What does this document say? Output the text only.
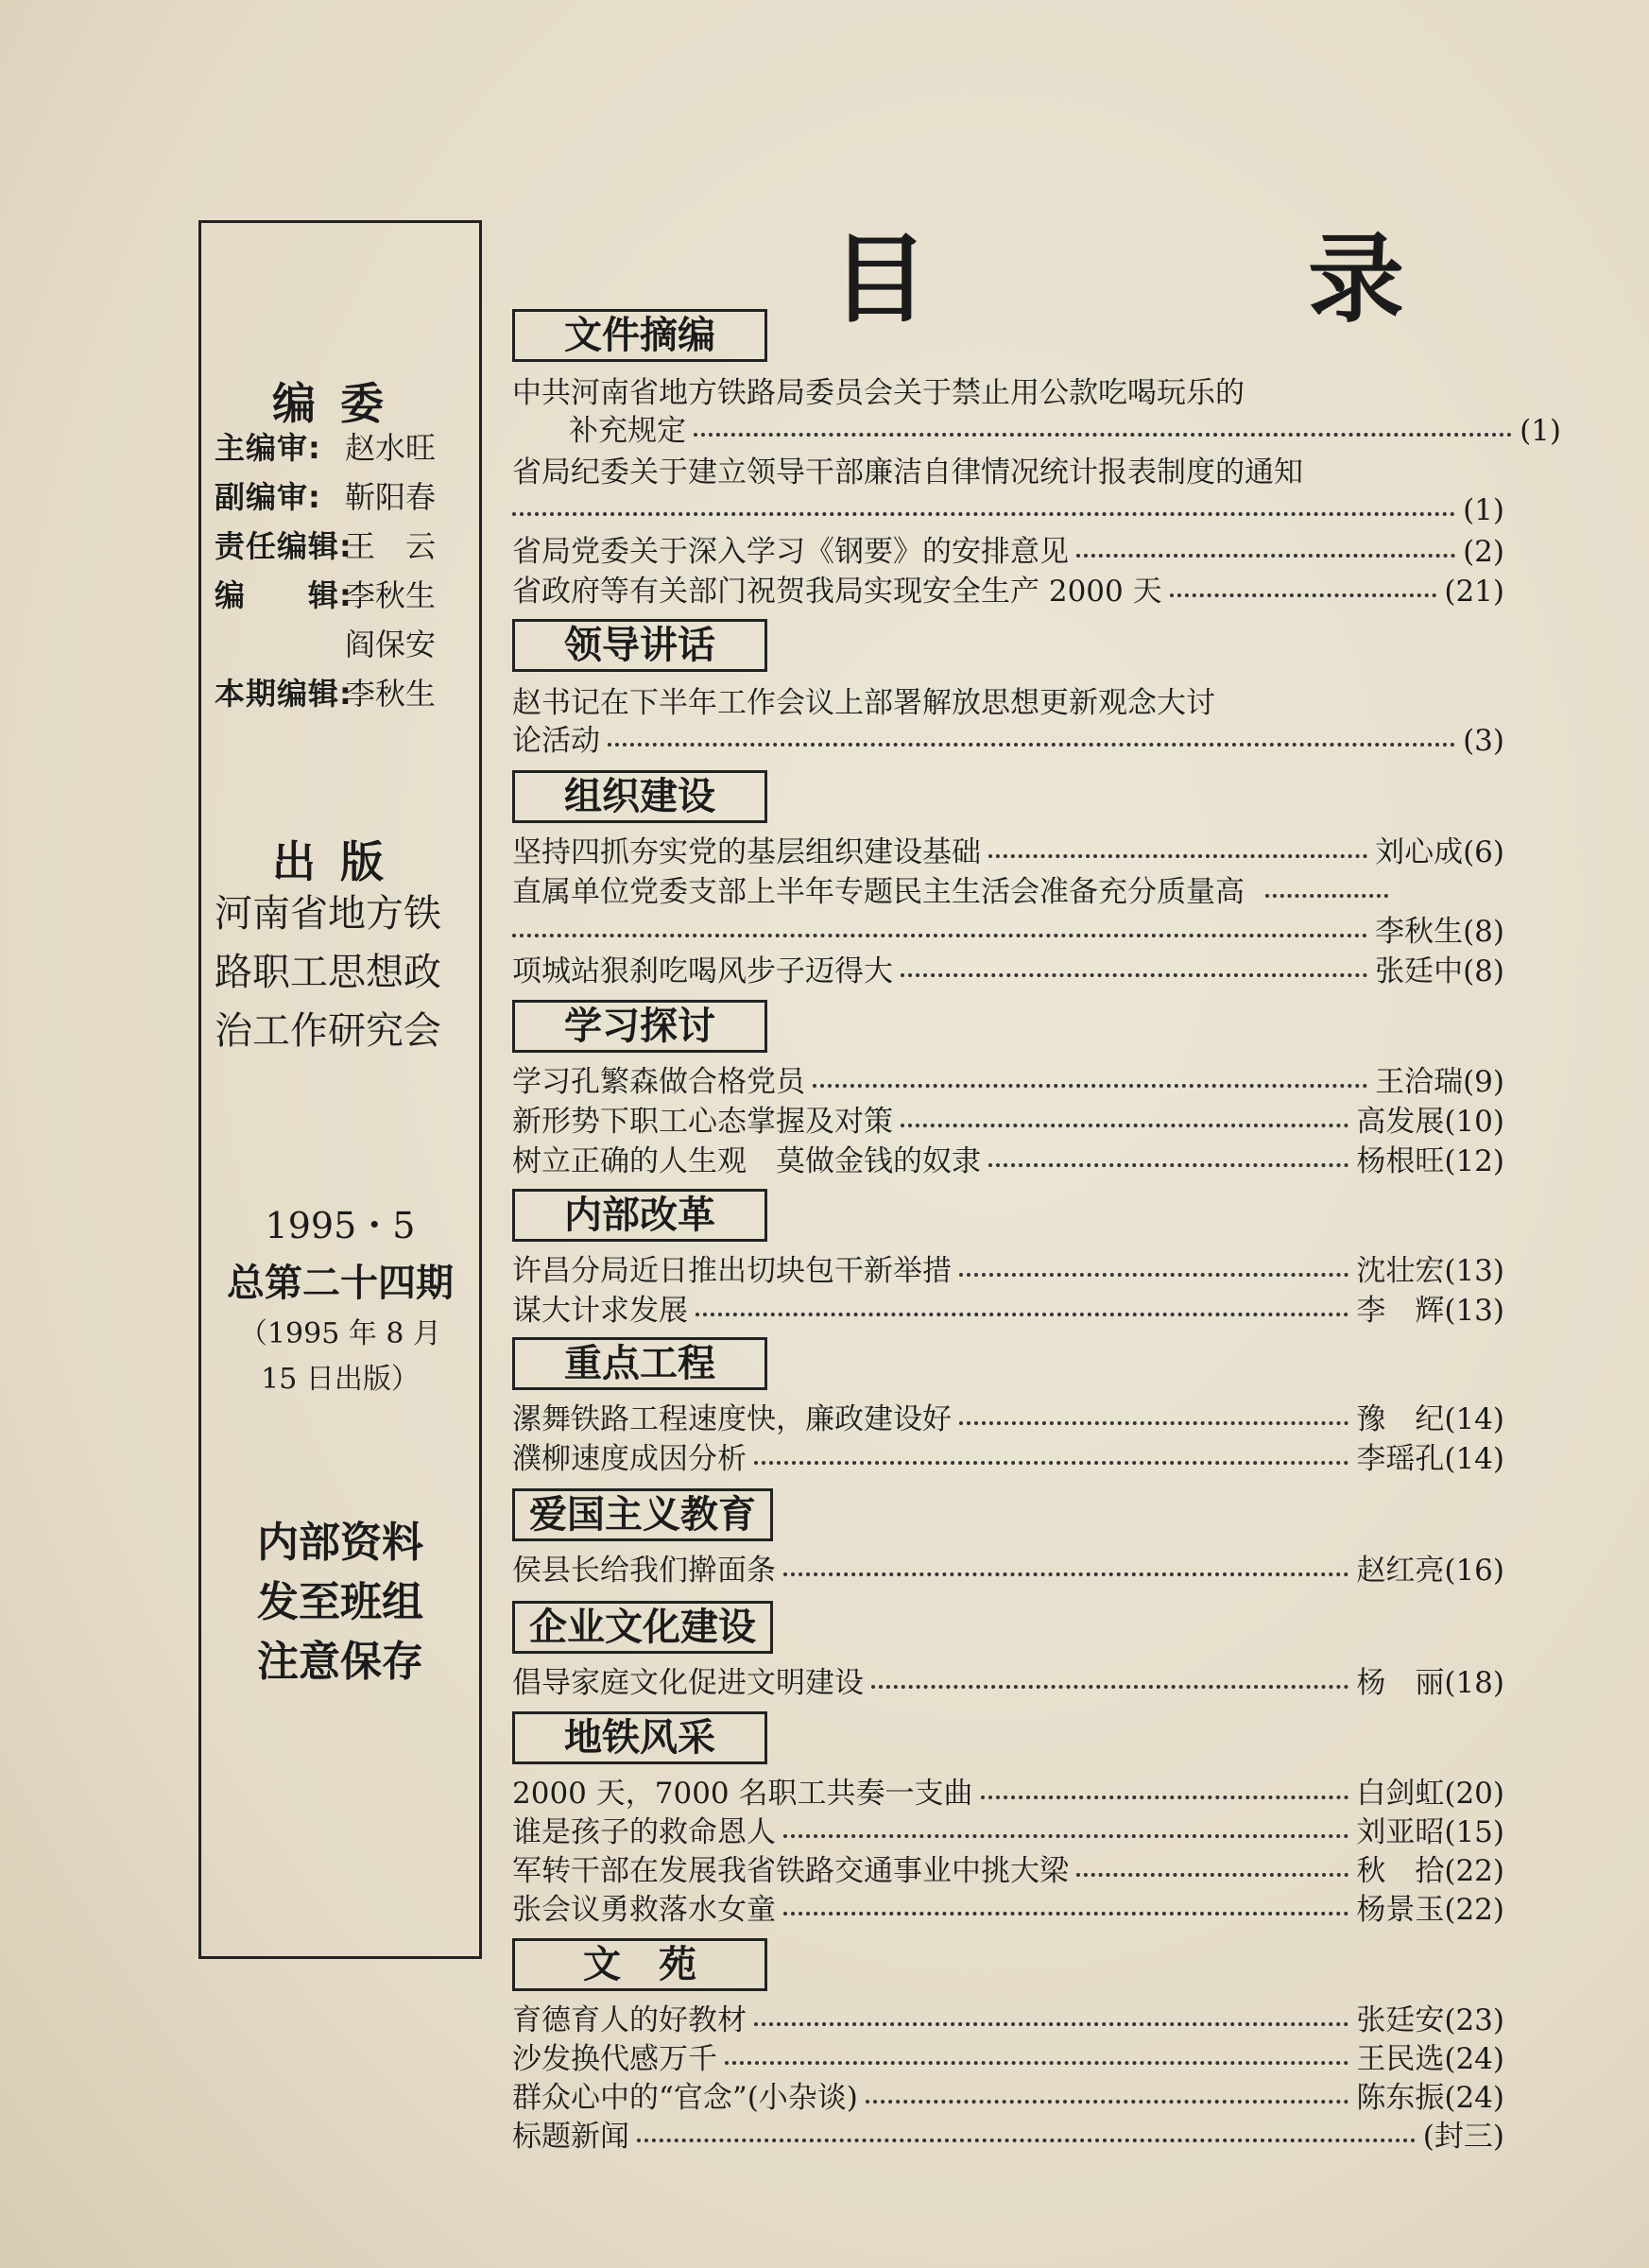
编委
主编审: 赵水旺
副编审: 靳阳春
责任编辑:王　云
编　　辑:李秋生
阎保安
本期编辑:李秋生
出版
河南省地方铁
路职工思想政
治工作研究会
1995・5
总第二十四期
（1995 年 8 月
15 日出版）
内部资料
发至班组
注意保存
目　录
文件摘编
中共河南省地方铁路局委员会关于禁止用公款吃喝玩乐的
补充规定	(1)
省局纪委关于建立领导干部廉洁自律情况统计报表制度的通知
(1)
省局党委关于深入学习《钢要》的安排意见	(2)
省政府等有关部门祝贺我局实现安全生产 2000 天	(21)
领导讲话
赵书记在下半年工作会议上部署解放思想更新观念大讨
论活动	(3)
组织建设
坚持四抓夯实党的基层组织建设基础	刘心成 (6)
直属单位党委支部上半年专题民主生活会准备充分质量高
李秋生 (8)
项城站狠刹吃喝风步子迈得大	张廷中 (8)
学习探讨
学习孔繁森做合格党员	王洽瑞 (9)
新形势下职工心态掌握及对策	高发展 (10)
树立正确的人生观　莫做金钱的奴隶	杨根旺 (12)
内部改革
许昌分局近日推出切块包干新举措	沈壮宏 (13)
谋大计求发展	李　辉 (13)
重点工程
漯舞铁路工程速度快，廉政建设好	豫　纪 (14)
濮柳速度成因分析	李瑶孔 (14)
爱国主义教育
侯县长给我们擀面条	赵红亮 (16)
企业文化建设
倡导家庭文化促进文明建设	杨　丽 (18)
地铁风采
2000 天，7000 名职工共奏一支曲	白剑虹 (20)
谁是孩子的救命恩人	刘亚昭 (15)
军转干部在发展我省铁路交通事业中挑大梁	秋　拾 (22)
张会议勇救落水女童	杨景玉 (22)
文　苑
育德育人的好教材	张廷安 (23)
沙发换代感万千	王民选 (24)
群众心中的“官念”(小杂谈)	陈东振 (24)
标题新闻	(封三)
